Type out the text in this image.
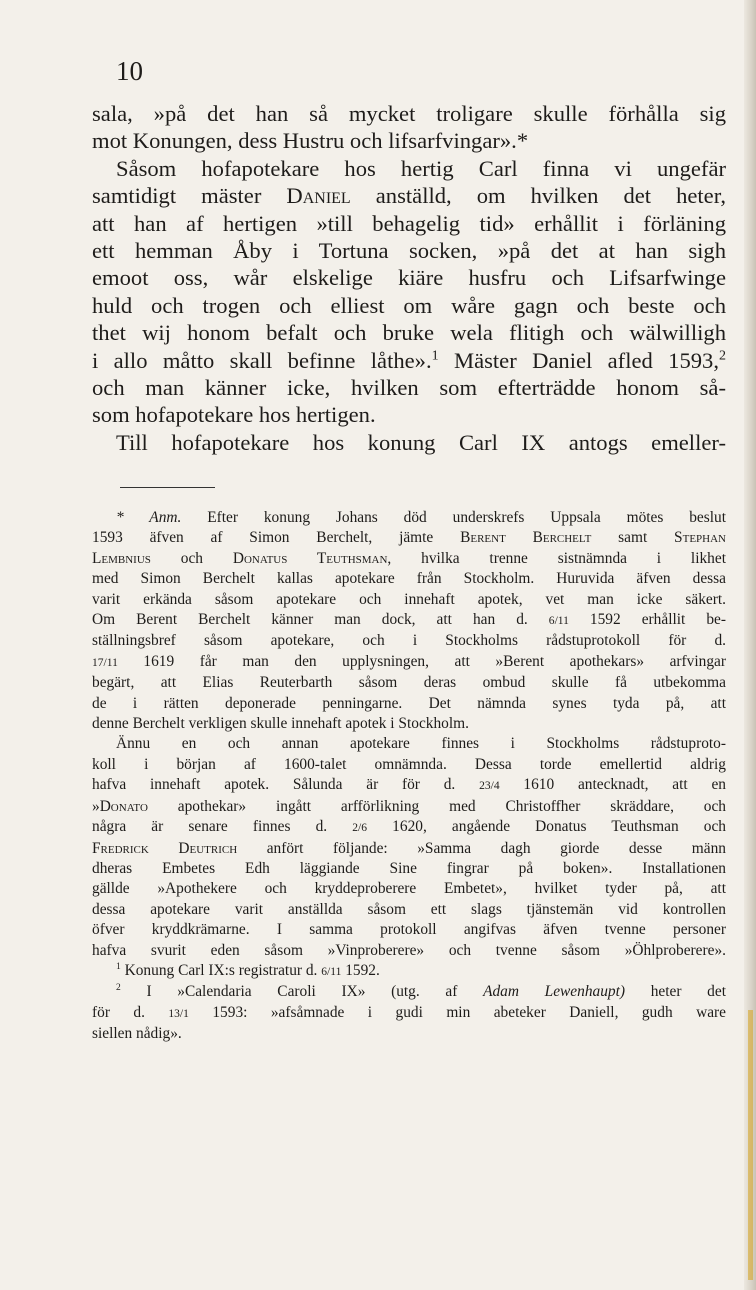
10
sala, »på det han så mycket troligare skulle förhålla sig
mot Konungen, dess Hustru och lifsarfvingar».*
Såsom hofapotekare hos hertig Carl finna vi ungefär
samtidigt mäster Daniel anställd, om hvilken det heter,
att han af hertigen »till behagelig tid» erhållit i förläning
ett hemman Åby i Tortuna socken, »på det at han sigh
emoot oss, wår elskelige kiäre husfru och Lifsarfwinge
huld och trogen och elliest om wåre gagn och beste och
thet wij honom befalt och bruke wela flitigh och wälwilligh
i allo måtto skall befinne låthe».$^1$ Mäster Daniel afled 1593,$^2$
och man känner icke, hvilken som efterträdde honom så-
som hofapotekare hos hertigen.
Till hofapotekare hos konung Carl IX antogs emeller-
* Anm. Efter konung Johans död underskrefs Uppsala mötes beslut
1593 äfven af Simon Berchelt, jämte Berent Berchelt samt Stephan
Lembnius och Donatus Teuthsman, hvilka trenne sistnämnda i likhet
med Simon Berchelt kallas apotekare från Stockholm. Huruvida äfven dessa
varit erkända såsom apotekare och innehaft apotek, vet man icke säkert.
Om Berent Berchelt känner man dock, att han d. 6/11 1592 erhållit be-
ställningsbref såsom apotekare, och i Stockholms rådstuprotokoll för d.
17/11 1619 får man den upplysningen, att »Berent apothekars» arfvingar
begärt, att Elias Reuterbarth såsom deras ombud skulle få utbekomma
de i rätten deponerade penningarne. Det nämnda synes tyda på, att
denne Berchelt verkligen skulle innehaft apotek i Stockholm.
Ännu en och annan apotekare finnes i Stockholms rådstuproto-
koll i början af 1600-talet omnämnda. Dessa torde emellertid aldrig
hafva innehaft apotek. Sålunda är för d. 23/4 1610 antecknadt, att en
»Donato apothekar» ingått arfförlikning med Christoffher skräddare, och
några är senare finnes d. 2/6 1620, angående Donatus Teuthsman och
Fredrick Deutrich anfört följande: »Samma dagh giorde desse männ
dheras Embetes Edh läggiande Sine fingrar på boken». Installationen
gällde »Apothekere och kryddeproberere Embetet», hvilket tyder på, att
dessa apotekare varit anställda såsom ett slags tjänstemän vid kontrollen
öfver kryddkrämarne. I samma protokoll angifvas äfven tvenne personer
hafva svurit eden såsom »Vinproberere» och tvenne såsom »Öhlproberere».
$^1$ Konung Carl IX:s registratur d. 6/11 1592.
$^2$ I »Calendaria Caroli IX» (utg. af Adam Lewenhaupt) heter det
för d. 13/1 1593: »afsåmnade i gudi min abeteker Daniell, gudh ware
siellen nådig».
